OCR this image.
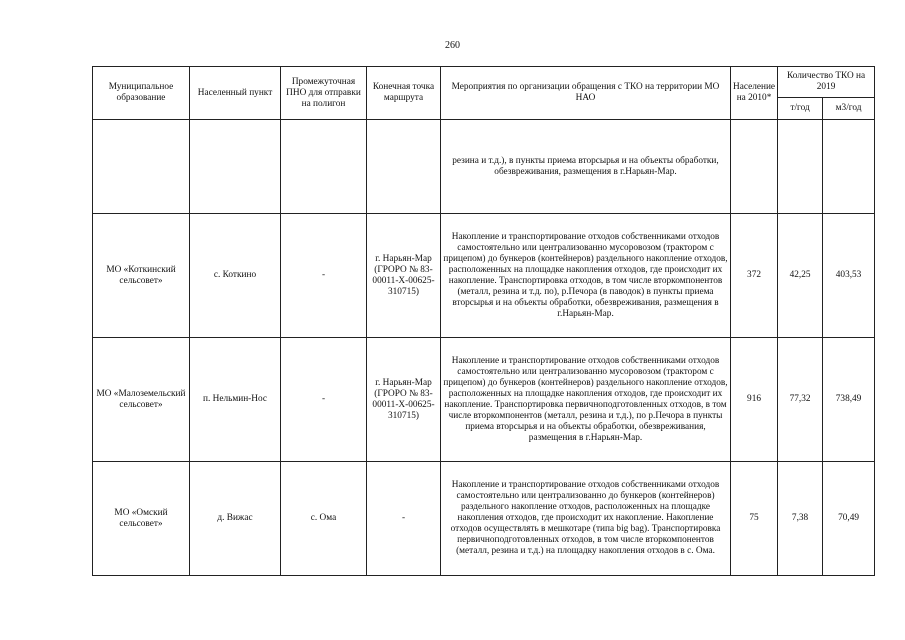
260
Муниципальное образование	Населенный пункт	Промежуточная ПНО для отправки на полигон	Конечная точка маршрута	Мероприятия по организации обращения с ТКО на территории МО НАО	Население на 2010*	Количество ТКО на 2019	
						т/год	м3/год
				резина и т.д.), в пункты приема вторсырья и на объекты обработки, обезвреживания, размещения в г.Нарьян-Мар.			
МО «Коткинский сельсовет»	с. Коткино	-	г. Нарьян-Мар (ГРОРО № 83-00011-Х-00625-310715)	Накопление и транспортирование отходов собственниками отходов самостоятельно или централизованно мусоровозом (трактором с прицепом) до бункеров (контейнеров) раздельного накопление отходов, расположенных на площадке накопления отходов, где происходит их накопление. Транспортировка отходов, в том числе вторкомпонентов (металл, резина и т.д. по), р.Печора (в паводок) в пункты приема вторсырья и на объекты обработки, обезвреживания, размещения в г.Нарьян-Мар.	372	42,25	403,53
МО «Малоземельский сельсовет»	п. Нельмин-Нос	-	г. Нарьян-Мар (ГРОРО № 83-00011-Х-00625-310715)	Накопление и транспортирование отходов собственниками отходов самостоятельно или централизованно мусоровозом (трактором с прицепом) до бункеров (контейнеров) раздельного накопление отходов, расположенных на площадке накопления отходов, где происходит их накопление. Транспортировка первичноподготовленных отходов, в том числе вторкомпонентов (металл, резина и т.д.), по р.Печора в пункты приема вторсырья и на объекты обработки, обезвреживания, размещения в г.Нарьян-Мар.	916	77,32	738,49
МО «Омский сельсовет»	д. Вижас	с. Ома	-	Накопление и транспортирование отходов собственниками отходов самостоятельно или централизованно до бункеров (контейнеров) раздельного накопление отходов, расположенных на площадке накопления отходов, где происходит их накопление. Накопление отходов осуществлять в мешкотаре (типа big bag). Транспортировка первичноподготовленных отходов, в том числе вторкомпонентов (металл, резина и т.д.) на площадку накопления отходов в с. Ома.	75	7,38	70,49
